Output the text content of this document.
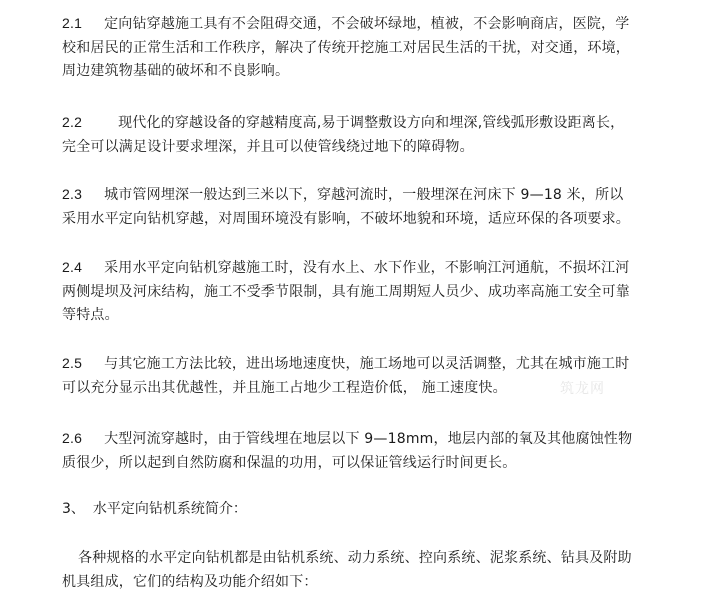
2.1 定向钻穿越施工具有不会阻碍交通，不会破坏绿地，植被，不会影响商店，医院，学
校和居民的正常生活和工作秩序，解决了传统开挖施工对居民生活的干扰，对交通，环境，
周边建筑物基础的破坏和不良影响。
2.2	现代化的穿越设备的穿越精度高,易于调整敷设方向和埋深,管线弧形敷设距离长，
完全可以满足设计要求埋深，并且可以使管线绕过地下的障碍物。
2.3 城市管网埋深一般达到三米以下，穿越河流时，一般埋深在河床下 9—18 米，所以
采用水平定向钻机穿越，对周围环境没有影响，不破坏地貌和环境，适应环保的各项要求。
2.4 采用水平定向钻机穿越施工时，没有水上、水下作业，不影响江河通航，不损坏江河
两侧堤坝及河床结构，施工不受季节限制，具有施工周期短人员少、成功率高施工安全可靠
等特点。
2.5 与其它施工方法比较，进出场地速度快，施工场地可以灵活调整，尤其在城市施工时
可以充分显示出其优越性，并且施工占地少工程造价低， 施工速度快。
2.6 大型河流穿越时，由于管线埋在地层以下 9—18mm，地层内部的氧及其他腐蚀性物
质很少，所以起到自然防腐和保温的功用，可以保证管线运行时间更长。
3、 水平定向钻机系统简介：
各种规格的水平定向钻机都是由钻机系统、动力系统、控向系统、泥浆系统、钻具及附助
机具组成，它们的结构及功能介绍如下：
筑龙网
